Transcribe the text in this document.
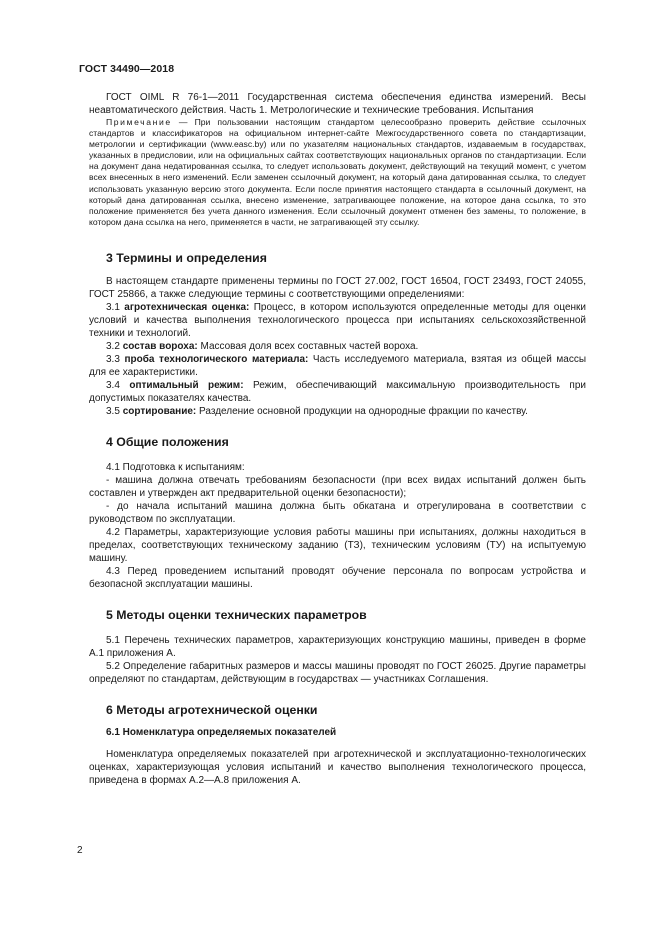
ГОСТ 34490—2018

ГОСТ OIML R 76-1—2011 Государственная система обеспечения единства измерений. Весы неавтоматического действия. Часть 1. Метрологические и технические требования. Испытания

Примечание — При пользовании настоящим стандартом целесообразно проверить действие ссылочных стандартов и классификаторов на официальном интернет-сайте Межгосударственного совета по стандартизации, метрологии и сертификации (www.easc.by) или по указателям национальных стандартов, издаваемым в государствах, указанных в предисловии, или на официальных сайтах соответствующих национальных органов по стандартизации. Если на документ дана недатированная ссылка, то следует использовать документ, действующий на текущий момент, с учетом всех внесенных в него изменений. Если заменен ссылочный документ, на который дана датированная ссылка, то следует использовать указанную версию этого документа. Если после принятия настоящего стандарта в ссылочный документ, на который дана датированная ссылка, внесено изменение, затрагивающее положение, на которое дана ссылка, то это положение применяется без учета данного изменения. Если ссылочный документ отменен без замены, то положение, в котором дана ссылка на него, применяется в части, не затрагивающей эту ссылку.

3 Термины и определения

В настоящем стандарте применены термины по ГОСТ 27.002, ГОСТ 16504, ГОСТ 23493, ГОСТ 24055, ГОСТ 25866, а также следующие термины с соответствующими определениями:

3.1 агротехническая оценка: Процесс, в котором используются определенные методы для оценки условий и качества выполнения технологического процесса при испытаниях сельскохозяйственной техники и технологий.

3.2 состав вороха: Массовая доля всех составных частей вороха.

3.3 проба технологического материала: Часть исследуемого материала, взятая из общей массы для ее характеристики.

3.4 оптимальный режим: Режим, обеспечивающий максимальную производительность при допустимых показателях качества.

3.5 сортирование: Разделение основной продукции на однородные фракции по качеству.

4 Общие положения

4.1 Подготовка к испытаниям:

- машина должна отвечать требованиям безопасности (при всех видах испытаний должен быть составлен и утвержден акт предварительной оценки безопасности);

- до начала испытаний машина должна быть обкатана и отрегулирована в соответствии с руководством по эксплуатации.

4.2 Параметры, характеризующие условия работы машины при испытаниях, должны находиться в пределах, соответствующих техническому заданию (ТЗ), техническим условиям (ТУ) на испытуемую машину.

4.3 Перед проведением испытаний проводят обучение персонала по вопросам устройства и безопасной эксплуатации машины.

5 Методы оценки технических параметров

5.1 Перечень технических параметров, характеризующих конструкцию машины, приведен в форме А.1 приложения А.

5.2 Определение габаритных размеров и массы машины проводят по ГОСТ 26025. Другие параметры определяют по стандартам, действующим в государствах — участниках Соглашения.

6 Методы агротехнической оценки
6.1 Номенклатура определяемых показателей

Номенклатура определяемых показателей при агротехнической и эксплуатационно-технологических оценках, характеризующая условия испытаний и качество выполнения технологического процесса, приведена в формах А.2—А.8 приложения А.

2
